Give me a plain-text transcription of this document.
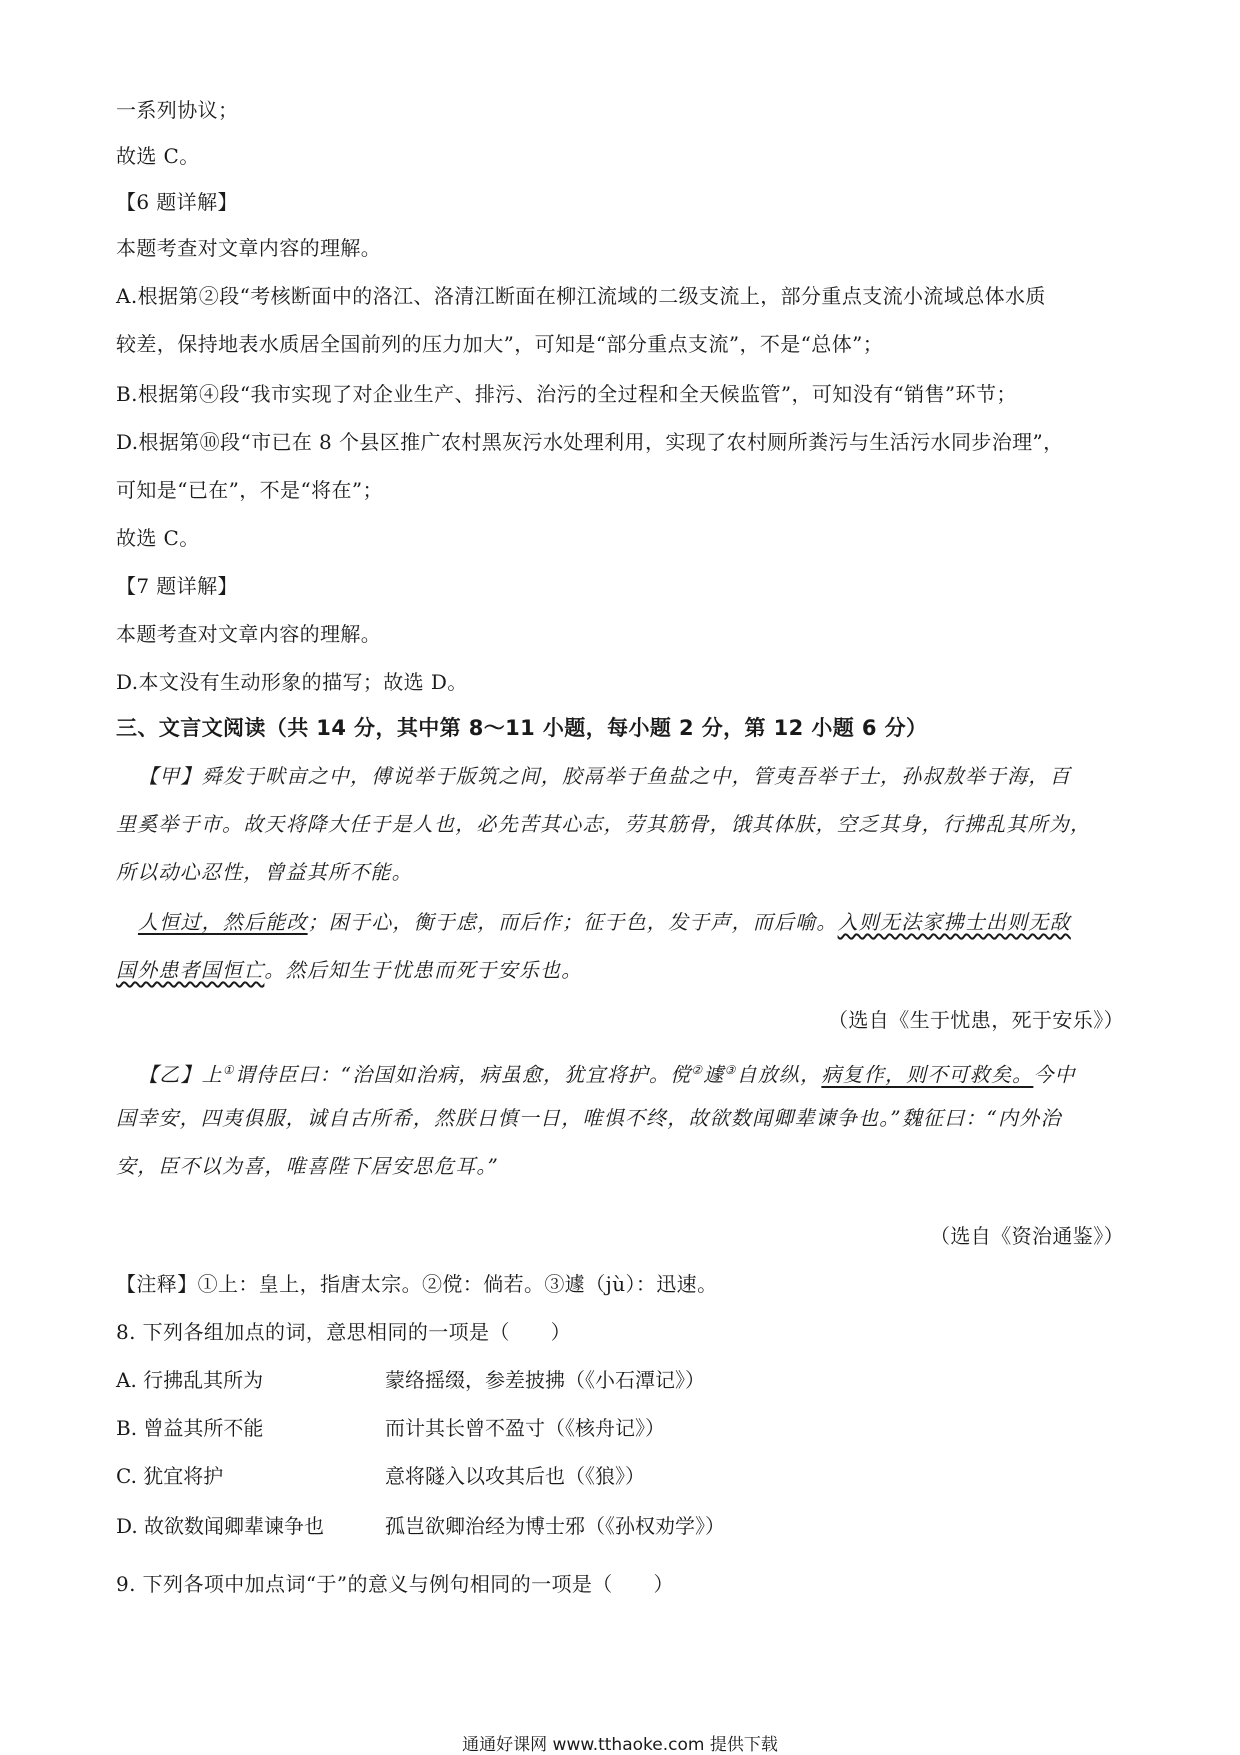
一系列协议；
故选 C。
【6 题详解】
本题考查对文章内容的理解。
A.根据第②段“考核断面中的洛江、洛清江断面在柳江流域的二级支流上，部分重点支流小流域总体水质
较差，保持地表水质居全国前列的压力加大”，可知是“部分重点支流”，不是“总体”；
B.根据第④段“我市实现了对企业生产、排污、治污的全过程和全天候监管”，可知没有“销售”环节；
D.根据第⑩段“市已在 8 个县区推广农村黑灰污水处理利用，实现了农村厕所粪污与生活污水同步治理”，
可知是“已在”，不是“将在”；
故选 C。
【7 题详解】
本题考查对文章内容的理解。
D.本文没有生动形象的描写；故选 D。
三、文言文阅读（共 14 分，其中第 8～11 小题，每小题 2 分，第 12 小题 6 分）
【甲】舜发于畎亩之中，傅说举于版筑之间，胶鬲举于鱼盐之中，管夷吾举于士，孙叔敖举于海，百
里奚举于市。故天将降大任于是人也，必先苦其心志，劳其筋骨，饿其体肤，空乏其身，行拂乱其所为，
所以动心忍性，曾益其所不能。
人恒过，然后能改；困于心，衡于虑，而后作；征于色，发于声，而后喻。入则无法家拂士出则无敌
国外患者国恒亡。然后知生于忧患而死于安乐也。
（选自《生于忧患，死于安乐》）
【乙】上①谓侍臣曰：“治国如治病，病虽愈，犹宜将护。傥②遽③自放纵，病复作，则不可救矣。今中
国幸安，四夷俱服，诚自古所希，然朕日慎一日，唯惧不终，故欲数闻卿辈谏争也。”魏征曰：“内外治
安，臣不以为喜，唯喜陛下居安思危耳。”
（选自《资治通鉴》）
【注释】①上：皇上，指唐太宗。②傥：倘若。③遽（jù）：迅速。
8. 下列各组加点的词，意思相同的一项是（　　）
A. 行拂乱其所为	蒙络摇缀，参差披拂（《小石潭记》）
B. 曾益其所不能	而计其长曾不盈寸（《核舟记》）
C. 犹宜将护	意将隧入以攻其后也（《狼》）
D. 故欲数闻卿辈谏争也	孤岂欲卿治经为博士邪（《孙权劝学》）
9. 下列各项中加点词“于”的意义与例句相同的一项是（　　）
通通好课网 www.tthaoke.com 提供下载
